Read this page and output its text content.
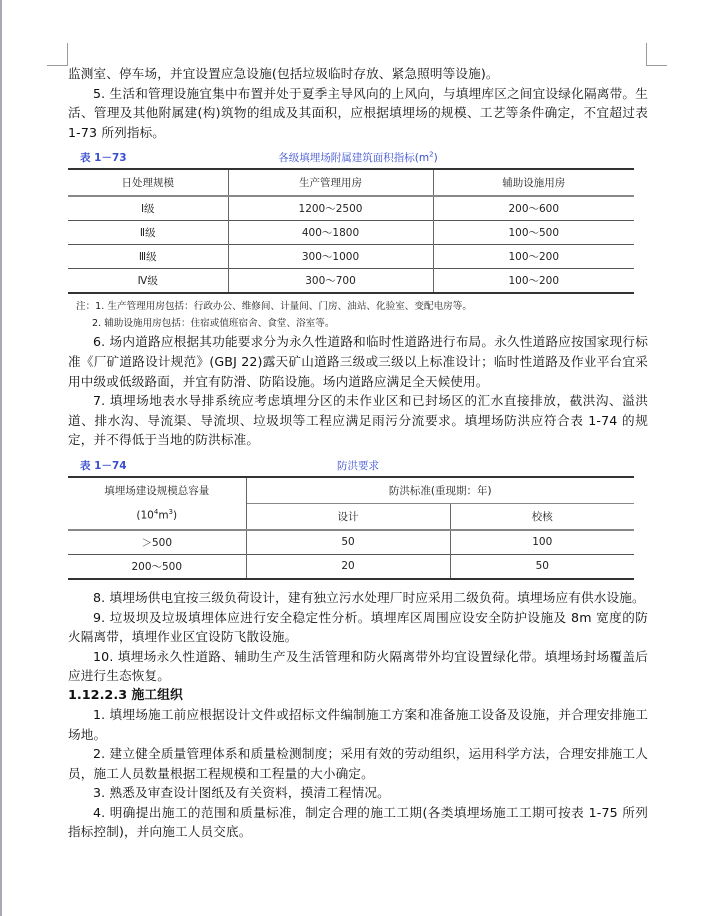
监测室、停车场，并宜设置应急设施(包括垃圾临时存放、紧急照明等设施)。

5. 生活和管理设施宜集中布置并处于夏季主导风向的上风向，与填埋库区之间宜设绿化隔离带。生活、管理及其他附属建(构)筑物的组成及其面积，应根据填埋场的规模、工艺等条件确定，不宜超过表 1-73 所列指标。

表 1－73	各级填埋场附属建筑面积指标$(m^2)$
日处理规模	生产管理用房	辅助设施用房
Ⅰ级	1200～2500	200～600
Ⅱ级	400～1800	100～500
Ⅲ级	300～1000	100～200
Ⅳ级	300～700	100～200
注：1. 生产管理用房包括：行政办公、维修间、计量间、门房、油站、化验室、变配电房等。
2. 辅助设施用房包括：住宿或值班宿舍、食堂、浴室等。

6. 场内道路应根据其功能要求分为永久性道路和临时性道路进行布局。永久性道路应按国家现行标准《厂矿道路设计规范》(GBJ 22)露天矿山道路三级或三级以上标准设计；临时性道路及作业平台宜采用中级或低级路面，并宜有防滑、防陷设施。场内道路应满足全天候使用。

7. 填埋场地表水导排系统应考虑填埋分区的未作业区和已封场区的汇水直接排放，截洪沟、溢洪道、排水沟、导流渠、导流坝、垃圾坝等工程应满足雨污分流要求。填埋场防洪应符合表 1-74 的规定，并不得低于当地的防洪标准。

表 1－74	防洪要求
填埋场建设规模总容量
$(10^4m^3)$	防洪标准(重现期：年)	
	设计	校核
＞500	50	100
200～500	20	50

8. 填埋场供电宜按三级负荷设计，建有独立污水处理厂时应采用二级负荷。填埋场应有供水设施。

9. 垃圾坝及垃圾填埋体应进行安全稳定性分析。填埋库区周围应设安全防护设施及 8m 宽度的防火隔离带，填埋作业区宜设防飞散设施。

10. 填埋场永久性道路、辅助生产及生活管理和防火隔离带外均宜设置绿化带。填埋场封场覆盖后应进行生态恢复。

1.12.2.3 施工组织

1. 填埋场施工前应根据设计文件或招标文件编制施工方案和准备施工设备及设施，并合理安排施工场地。

2. 建立健全质量管理体系和质量检测制度；采用有效的劳动组织，运用科学方法，合理安排施工人员，施工人员数量根据工程规模和工程量的大小确定。

3. 熟悉及审查设计图纸及有关资料，摸清工程情况。

4. 明确提出施工的范围和质量标准，制定合理的施工工期(各类填埋场施工工期可按表 1-75 所列指标控制)，并向施工人员交底。
